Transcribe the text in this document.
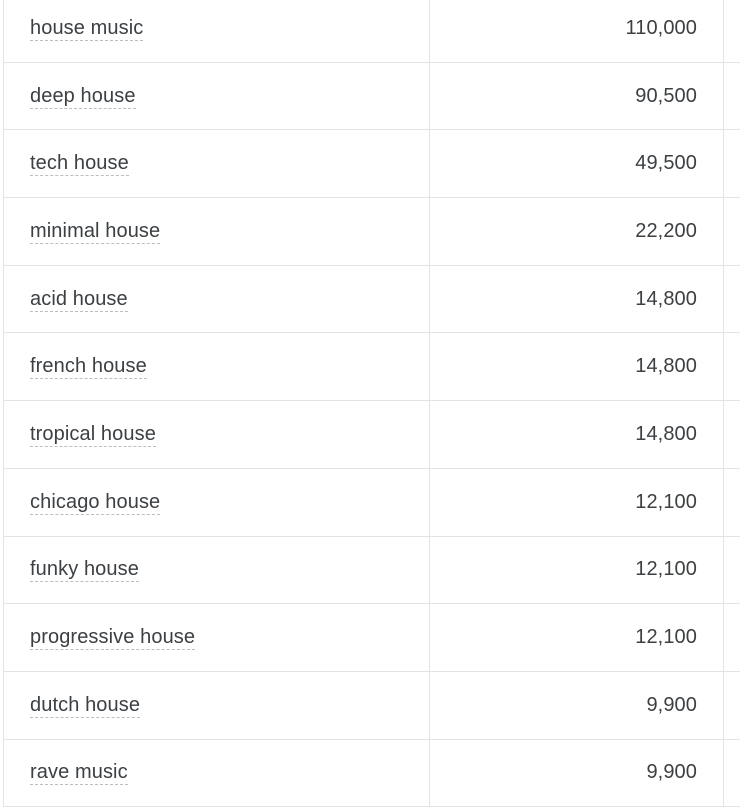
house music	110,000	
deep house	90,500	
tech house	49,500	
minimal house	22,200	
acid house	14,800	
french house	14,800	
tropical house	14,800	
chicago house	12,100	
funky house	12,100	
progressive house	12,100	
dutch house	9,900	
rave music	9,900	
